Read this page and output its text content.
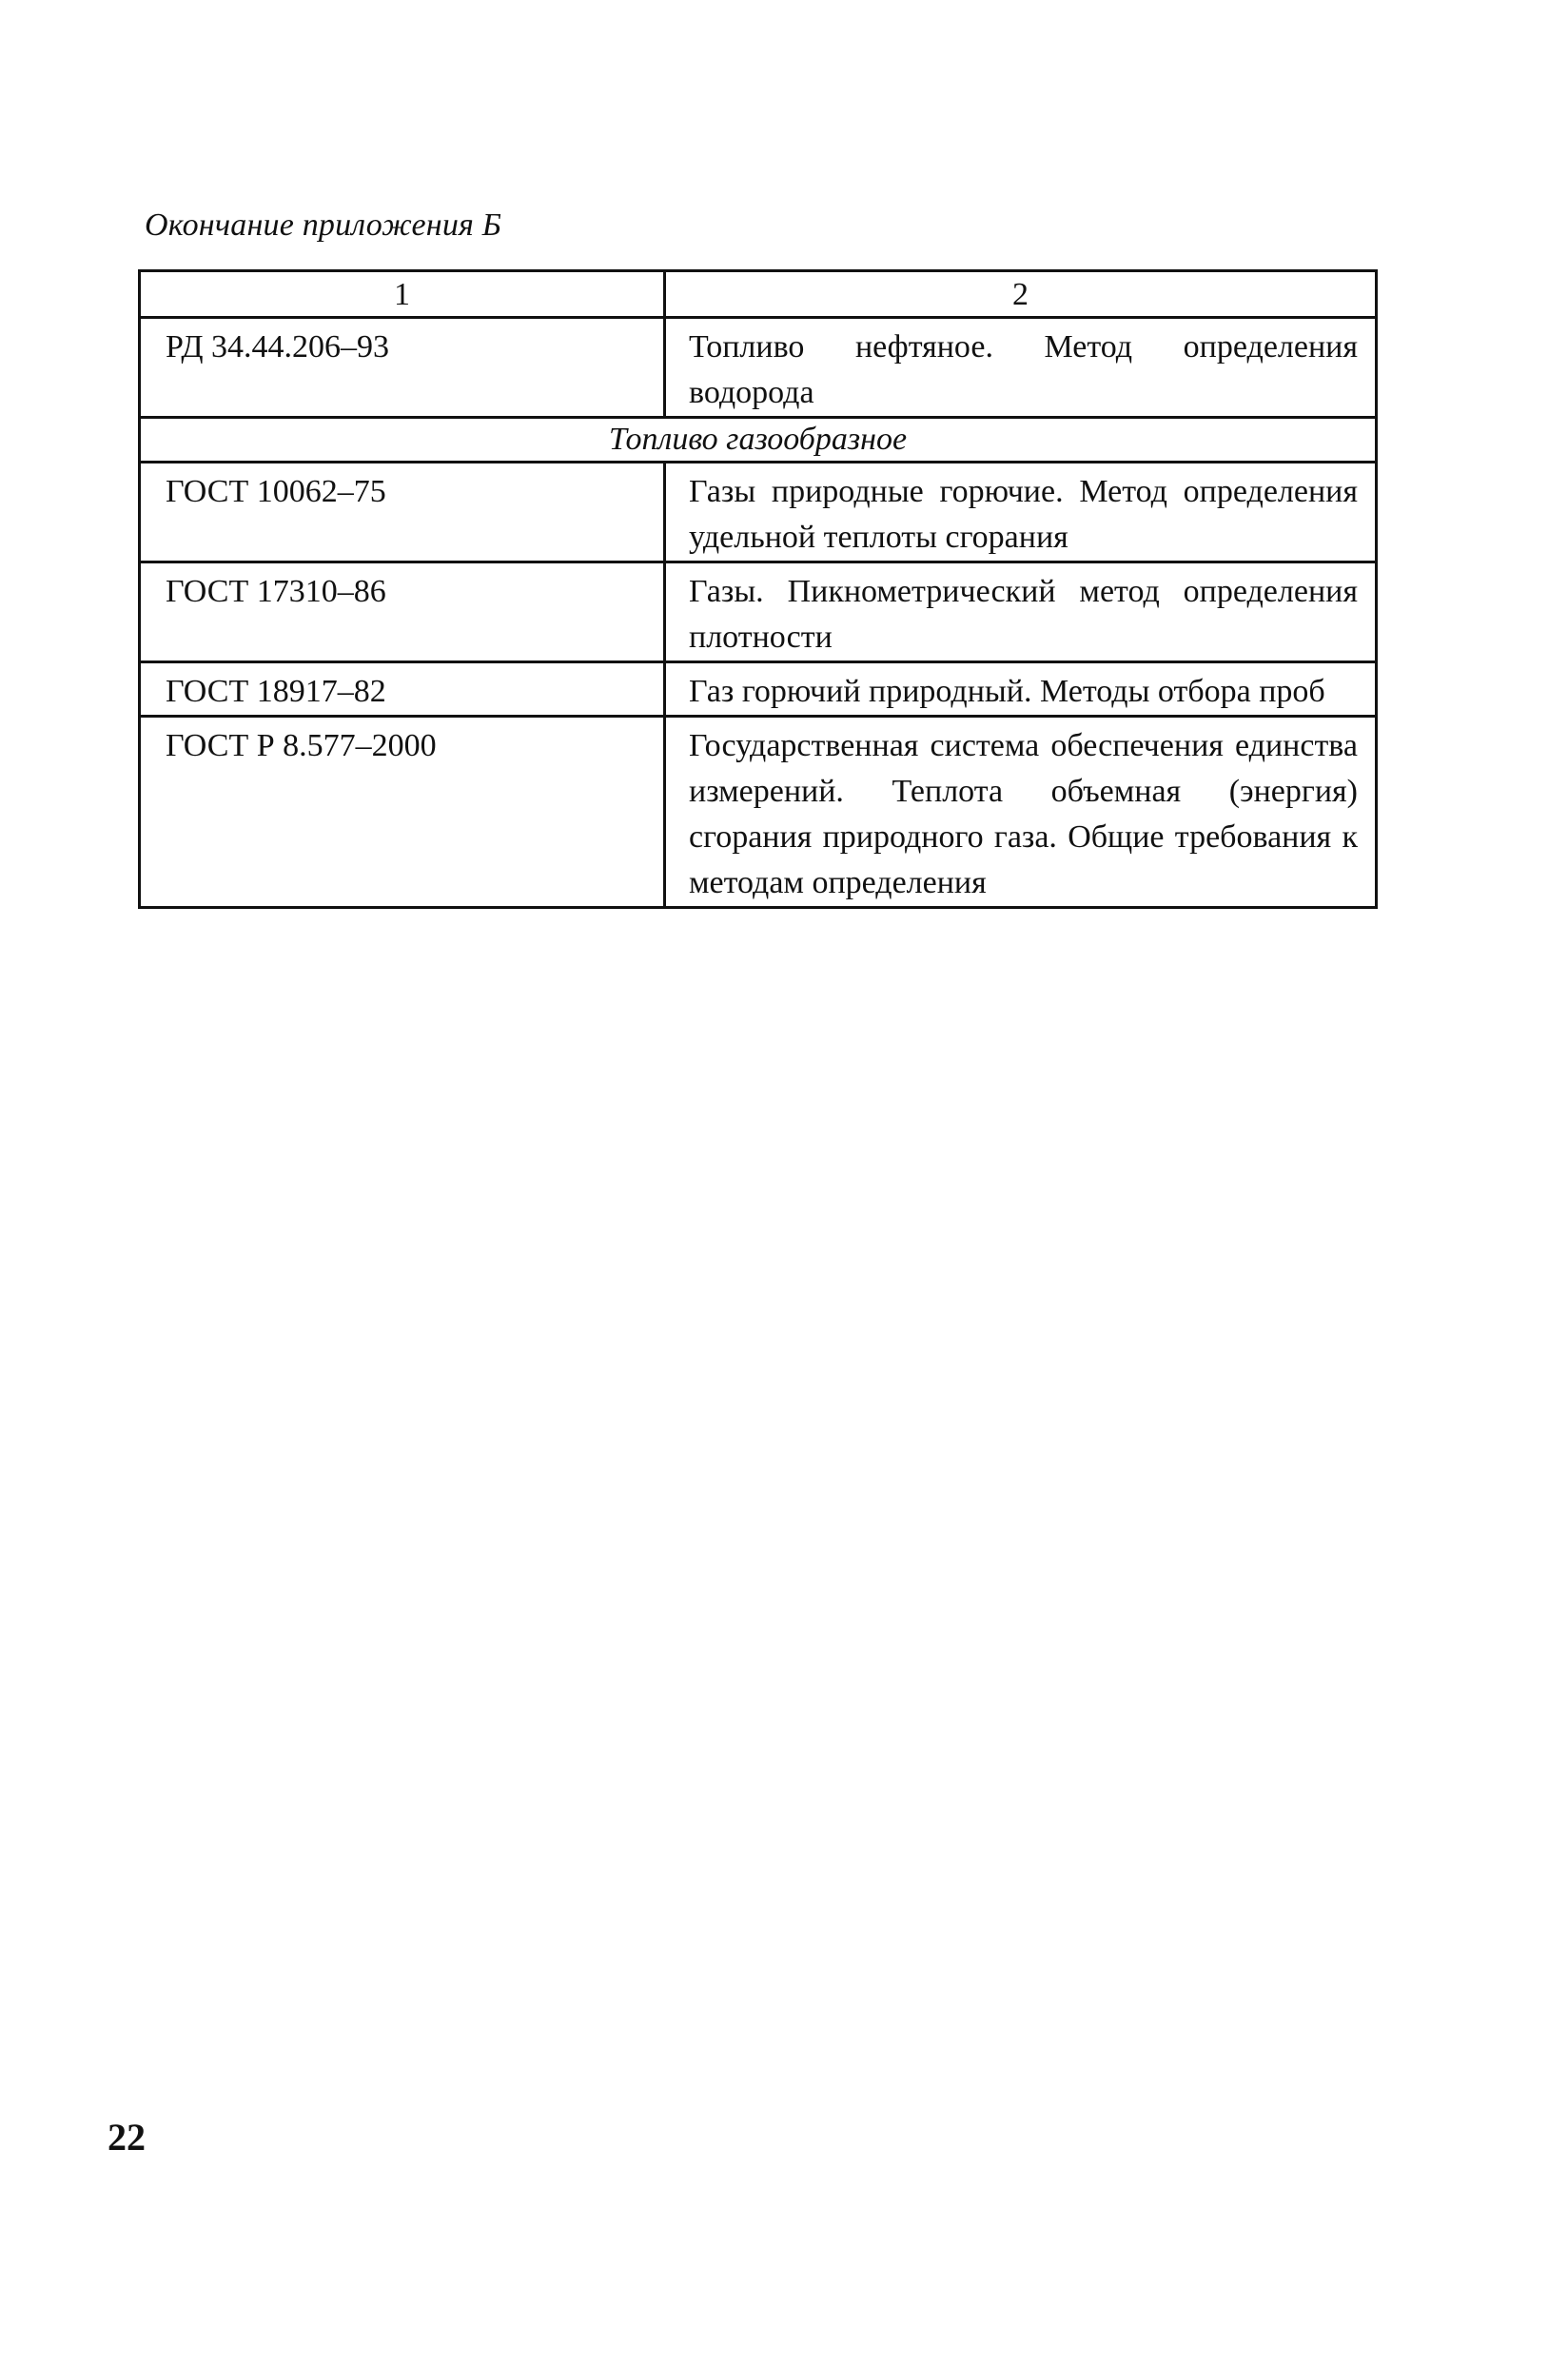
Окончание приложения Б
1	2
РД 34.44.206–93	Топливо нефтяное. Метод определения водорода
Топливо газообразное	
ГОСТ 10062–75	Газы природные горючие. Метод определения удельной теплоты сгорания
ГОСТ 17310–86	Газы. Пикнометрический метод определения плотности
ГОСТ 18917–82	Газ горючий природный. Методы отбора проб
ГОСТ Р 8.577–2000	Государственная система обеспечения единства измерений. Теплота объемная (энергия) сгорания природного газа. Общие требования к методам определения
22
